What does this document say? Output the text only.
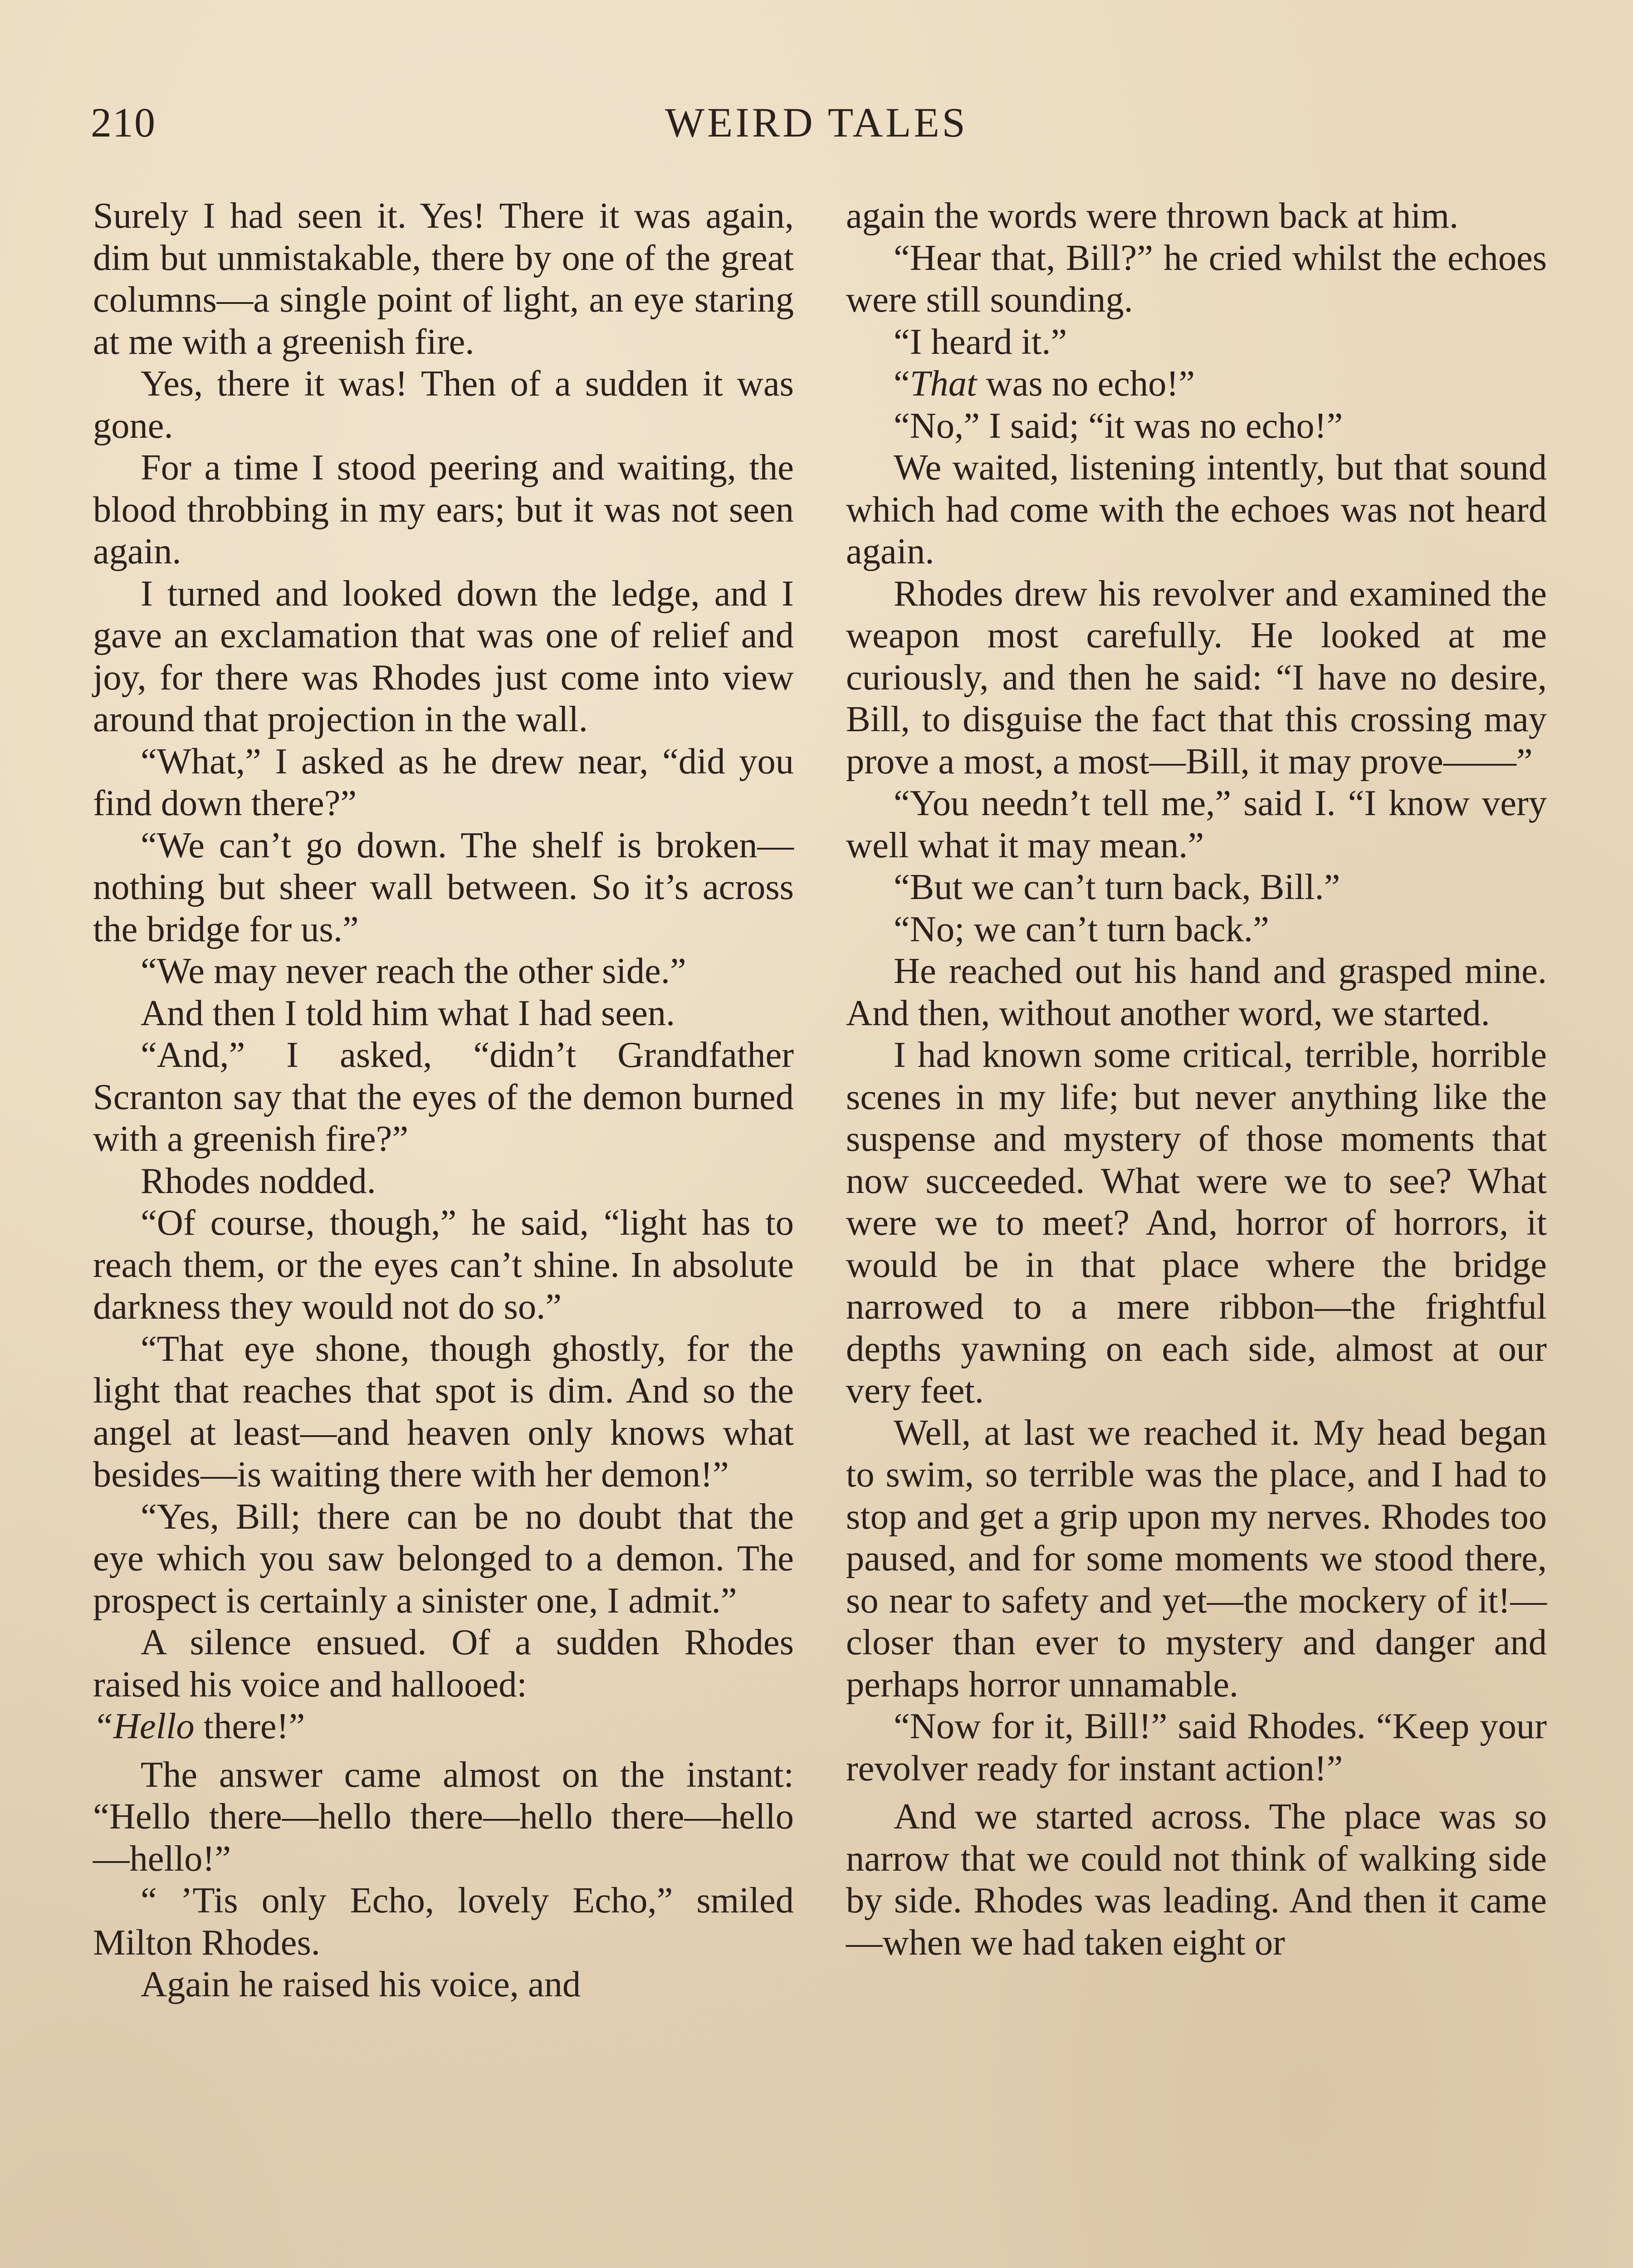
210	WEIRD TALES

Surely I had seen it. Yes! There it was again, dim but unmistakable, there by one of the great columns—a single point of light, an eye staring at me with a greenish fire.

Yes, there it was! Then of a sudden it was gone.

For a time I stood peering and waiting, the blood throbbing in my ears; but it was not seen again.

I turned and looked down the ledge, and I gave an exclamation that was one of relief and joy, for there was Rhodes just come into view around that projection in the wall.

“What,” I asked as he drew near, “did you find down there?”

“We can’t go down. The shelf is broken—nothing but sheer wall between. So it’s across the bridge for us.”

“We may never reach the other side.”

And then I told him what I had seen.

“And,” I asked, “didn’t Grandfather Scranton say that the eyes of the demon burned with a greenish fire?”

Rhodes nodded.

“Of course, though,” he said, “light has to reach them, or the eyes can’t shine. In absolute darkness they would not do so.”

“That eye shone, though ghostly, for the light that reaches that spot is dim. And so the angel at least—and heaven only knows what besides—is waiting there with her demon!”

“Yes, Bill; there can be no doubt that the eye which you saw belonged to a demon. The prospect is certainly a sinister one, I admit.”

A silence ensued. Of a sudden Rhodes raised his voice and hallooed:
“Hello there!”

The answer came almost on the instant: “Hello there—hello there—hello there—hello—hello!”

“ ’Tis only Echo, lovely Echo,” smiled Milton Rhodes.

Again he raised his voice, and

again the words were thrown back at him.

“Hear that, Bill?” he cried whilst the echoes were still sounding.

“I heard it.”

“That was no echo!”

“No,” I said; “it was no echo!”

We waited, listening intently, but that sound which had come with the echoes was not heard again.

Rhodes drew his revolver and examined the weapon most carefully. He looked at me curiously, and then he said: “I have no desire, Bill, to disguise the fact that this crossing may prove a most, a most—Bill, it may prove——”

“You needn’t tell me,” said I. “I know very well what it may mean.”

“But we can’t turn back, Bill.”

“No; we can’t turn back.”

He reached out his hand and grasped mine. And then, without another word, we started.

I had known some critical, terrible, horrible scenes in my life; but never anything like the suspense and mystery of those moments that now succeeded. What were we to see? What were we to meet? And, horror of horrors, it would be in that place where the bridge narrowed to a mere ribbon—the frightful depths yawning on each side, almost at our very feet.

Well, at last we reached it. My head began to swim, so terrible was the place, and I had to stop and get a grip upon my nerves. Rhodes too paused, and for some moments we stood there, so near to safety and yet—the mockery of it!—closer than ever to mystery and danger and perhaps horror unnamable.

“Now for it, Bill!” said Rhodes. “Keep your revolver ready for instant action!”

And we started across. The place was so narrow that we could not think of walking side by side. Rhodes was leading. And then it came—when we had taken eight or
